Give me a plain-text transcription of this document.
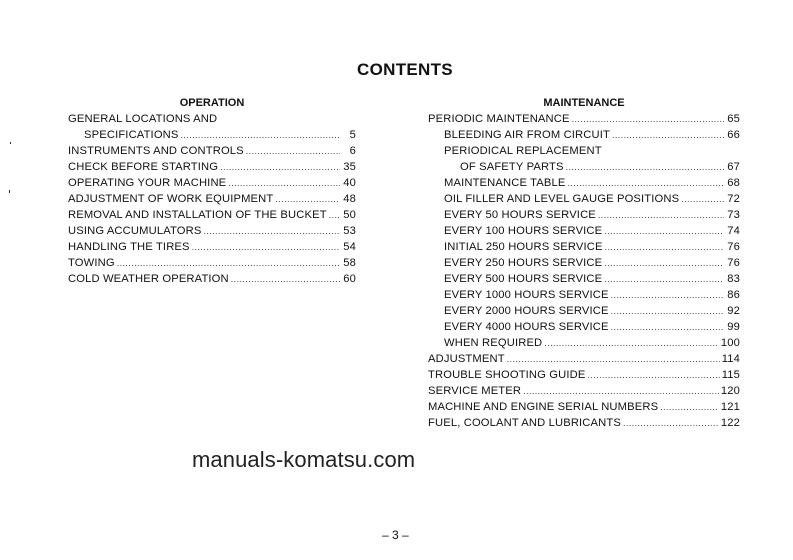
CONTENTS
OPERATION
GENERAL LOCATIONS AND
SPECIFICATIONS .....	5
INSTRUMENTS AND CONTROLS .....	6
CHECK BEFORE STARTING .....	35
OPERATING YOUR MACHINE .....	40
ADJUSTMENT OF WORK EQUIPMENT .....	48
REMOVAL AND INSTALLATION OF THE BUCKET ..... 50
USING ACCUMULATORS .....	53
HANDLING THE TIRES .....	54
TOWING .....	58
COLD WEATHER OPERATION .....	60
MAINTENANCE
PERIODIC MAINTENANCE .....	65
BLEEDING AIR FROM CIRCUIT .....	66
PERIODICAL REPLACEMENT
OF SAFETY PARTS .....	67
MAINTENANCE TABLE .....	68
OIL FILLER AND LEVEL GAUGE POSITIONS .....	72
EVERY 50 HOURS SERVICE .....	73
EVERY 100 HOURS SERVICE .....	74
INITIAL 250 HOURS SERVICE .....	76
EVERY 250 HOURS SERVICE .....	76
EVERY 500 HOURS SERVICE .....	83
EVERY 1000 HOURS SERVICE .....	86
EVERY 2000 HOURS SERVICE .....	92
EVERY 4000 HOURS SERVICE .....	99
WHEN REQUIRED .....	100
ADJUSTMENT .....	114
TROUBLE SHOOTING GUIDE .....	115
SERVICE METER .....	120
MACHINE AND ENGINE SERIAL NUMBERS .....	121
FUEL, COOLANT AND LUBRICANTS .....	122
manuals-komatsu.com
– 3 –
